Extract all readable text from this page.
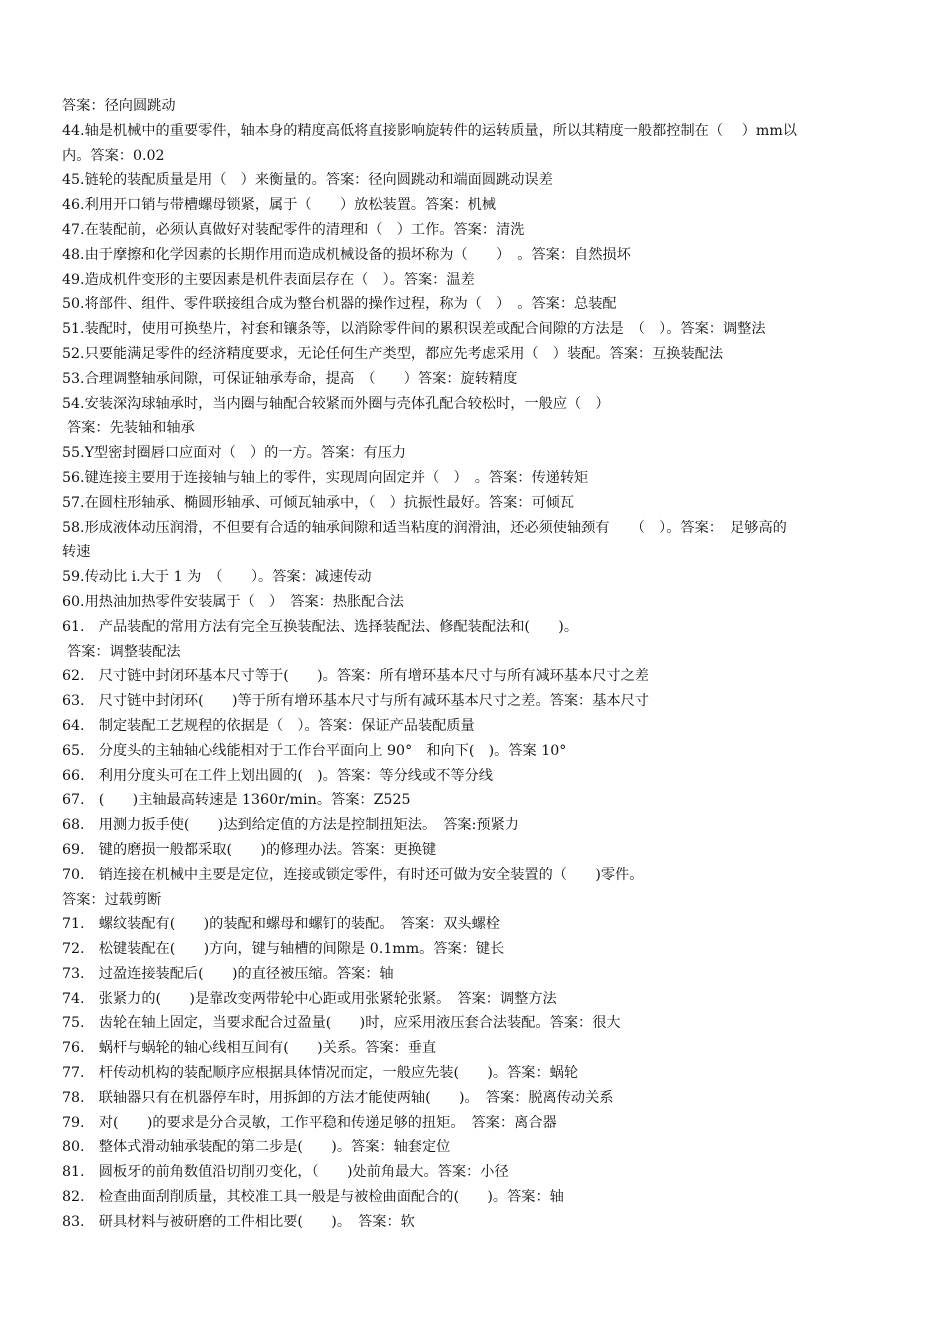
答案：径向圆跳动
44.轴是机械中的重要零件，轴本身的精度高低将直接影响旋转件的运转质量，所以其精度一般都控制在（　 ）mm以
内。答案：0.02
45.链轮的装配质量是用（　）来衡量的。答案：径向圆跳动和端面圆跳动误差
46.利用开口销与带槽螺母锁紧，属于（　　）放松装置。答案：机械
47.在装配前，必须认真做好对装配零件的清理和（　）工作。答案：清洗
48.由于摩擦和化学因素的长期作用而造成机械设备的损坏称为（　　）　。答案：自然损坏
49.造成机件变形的主要因素是机件表面层存在（　）。答案：温差
50.将部件、组件、零件联接组合成为整台机器的操作过程，称为（　）　。答案：总装配
51.装配时，使用可换垫片，衬套和镶条等，以消除零件间的累积误差或配合间隙的方法是　（　）。答案：调整法
52.只要能满足零件的经济精度要求，无论任何生产类型，都应先考虑采用（　）装配。答案：互换装配法
53.合理调整轴承间隙，可保证轴承寿命，提高　（　　）答案：旋转精度
54.安装深沟球轴承时，当内圈与轴配合较紧而外圈与壳体孔配合较松时，一般应（　）
答案：先装轴和轴承
55.Y型密封圈唇口应面对（　）的一方。答案：有压力
56.键连接主要用于连接轴与轴上的零件，实现周向固定并（　）　。答案：传递转矩
57.在圆柱形轴承、椭圆形轴承、可倾瓦轴承中，（　）抗振性最好。答案：可倾瓦
58.形成液体动压润滑，不但要有合适的轴承间隙和适当粘度的润滑油，还必须使轴颈有　　（　）。答案：　足够高的
转速
59.传动比 i.大于 1 为　（　　）。答案：减速传动
60.用热油加热零件安装属于（　）　答案：热胀配合法
61.　产品装配的常用方法有完全互换装配法、选择装配法、修配装配法和(　　)。
答案：调整装配法
62.　尺寸链中封闭环基本尺寸等于(　　)。答案：所有增环基本尺寸与所有减环基本尺寸之差
63.　尺寸链中封闭环(　　)等于所有增环基本尺寸与所有减环基本尺寸之差。答案：基本尺寸
64.　制定装配工艺规程的依据是（　）。答案：保证产品装配质量
65.　分度头的主轴轴心线能相对于工作台平面向上 90°　和向下(　)。答案 10°
66.　利用分度头可在工件上划出圆的(　)。答案：等分线或不等分线
67.　(　　)主轴最高转速是 1360r/min。答案：Z525
68.　用测力扳手使(　　)达到给定值的方法是控制扭矩法。　答案:预紧力
69.　键的磨损一般都采取(　　)的修理办法。答案：更换键
70.　销连接在机械中主要是定位，连接或锁定零件，有时还可做为安全装置的（　　)零件。
答案：过载剪断
71.　螺纹装配有(　　)的装配和螺母和螺钉的装配。　答案：双头螺栓
72.　松键装配在(　　)方向，键与轴槽的间隙是 0.1mm。答案：键长
73.　过盈连接装配后(　　)的直径被压缩。答案：轴
74.　张紧力的(　　)是靠改变两带轮中心距或用张紧轮张紧。　答案：调整方法
75.　齿轮在轴上固定，当要求配合过盈量(　　)时，应采用液压套合法装配。答案：很大
76.　蜗杆与蜗轮的轴心线相互间有(　　)关系。答案：垂直
77.　杆传动机构的装配顺序应根据具体情况而定，一般应先装(　　)。答案：蜗轮
78.　联轴器只有在机器停车时，用拆卸的方法才能使两轴(　　)。　答案：脱离传动关系
79.　对(　　)的要求是分合灵敏，工作平稳和传递足够的扭矩。　答案：离合器
80.　整体式滑动轴承装配的第二步是(　　)。答案：轴套定位
81.　圆板牙的前角数值沿切削刃变化，（　　)处前角最大。答案：小径
82.　检查曲面刮削质量，其校准工具一般是与被检曲面配合的(　　)。答案：轴
83.　研具材料与被研磨的工件相比要(　　)。　答案：软
